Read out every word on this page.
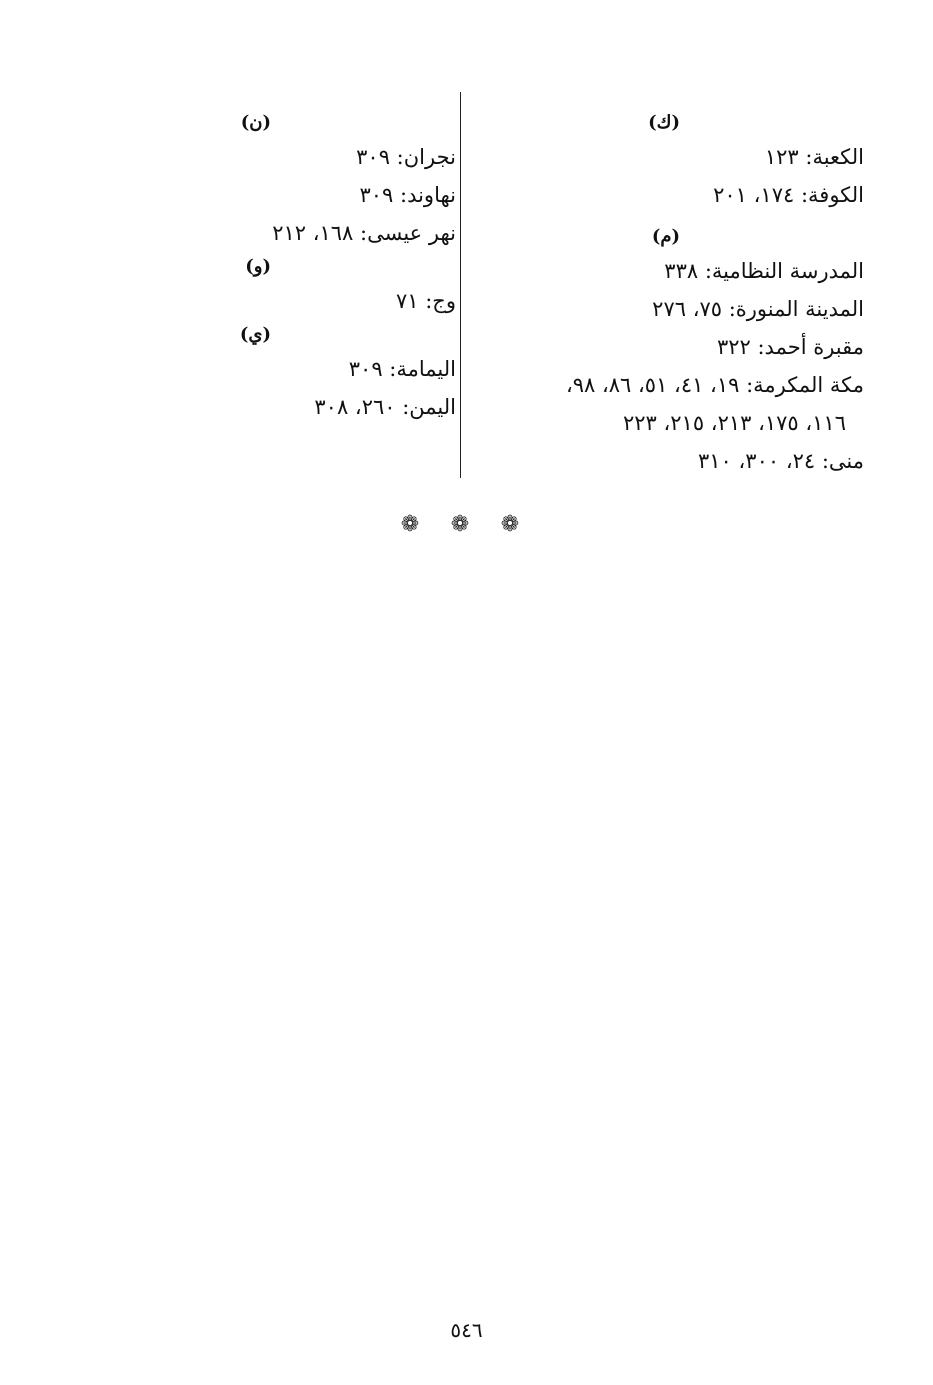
(ك)
الكعبة: ١٢٣
الكوفة: ١٧٤، ٢٠١
(م)
المدرسة النظامية: ٣٣٨
المدينة المنورة: ٧٥، ٢٧٦
مقبرة أحمد: ٣٢٢
مكة المكرمة: ١٩، ٤١، ٥١، ٨٦، ٩٨،
١١٦، ١٧٥، ٢١٣، ٢١٥، ٢٢٣
منى: ٢٤، ٣٠٠، ٣١٠
(ن)
نجران: ٣٠٩
نهاوند: ٣٠٩
نهر عيسى: ١٦٨، ٢١٢
(و)
وج: ٧١
(ي)
اليمامة: ٣٠٩
اليمن: ٢٦٠، ٣٠٨
❁ ❁ ❁
٥٤٦
